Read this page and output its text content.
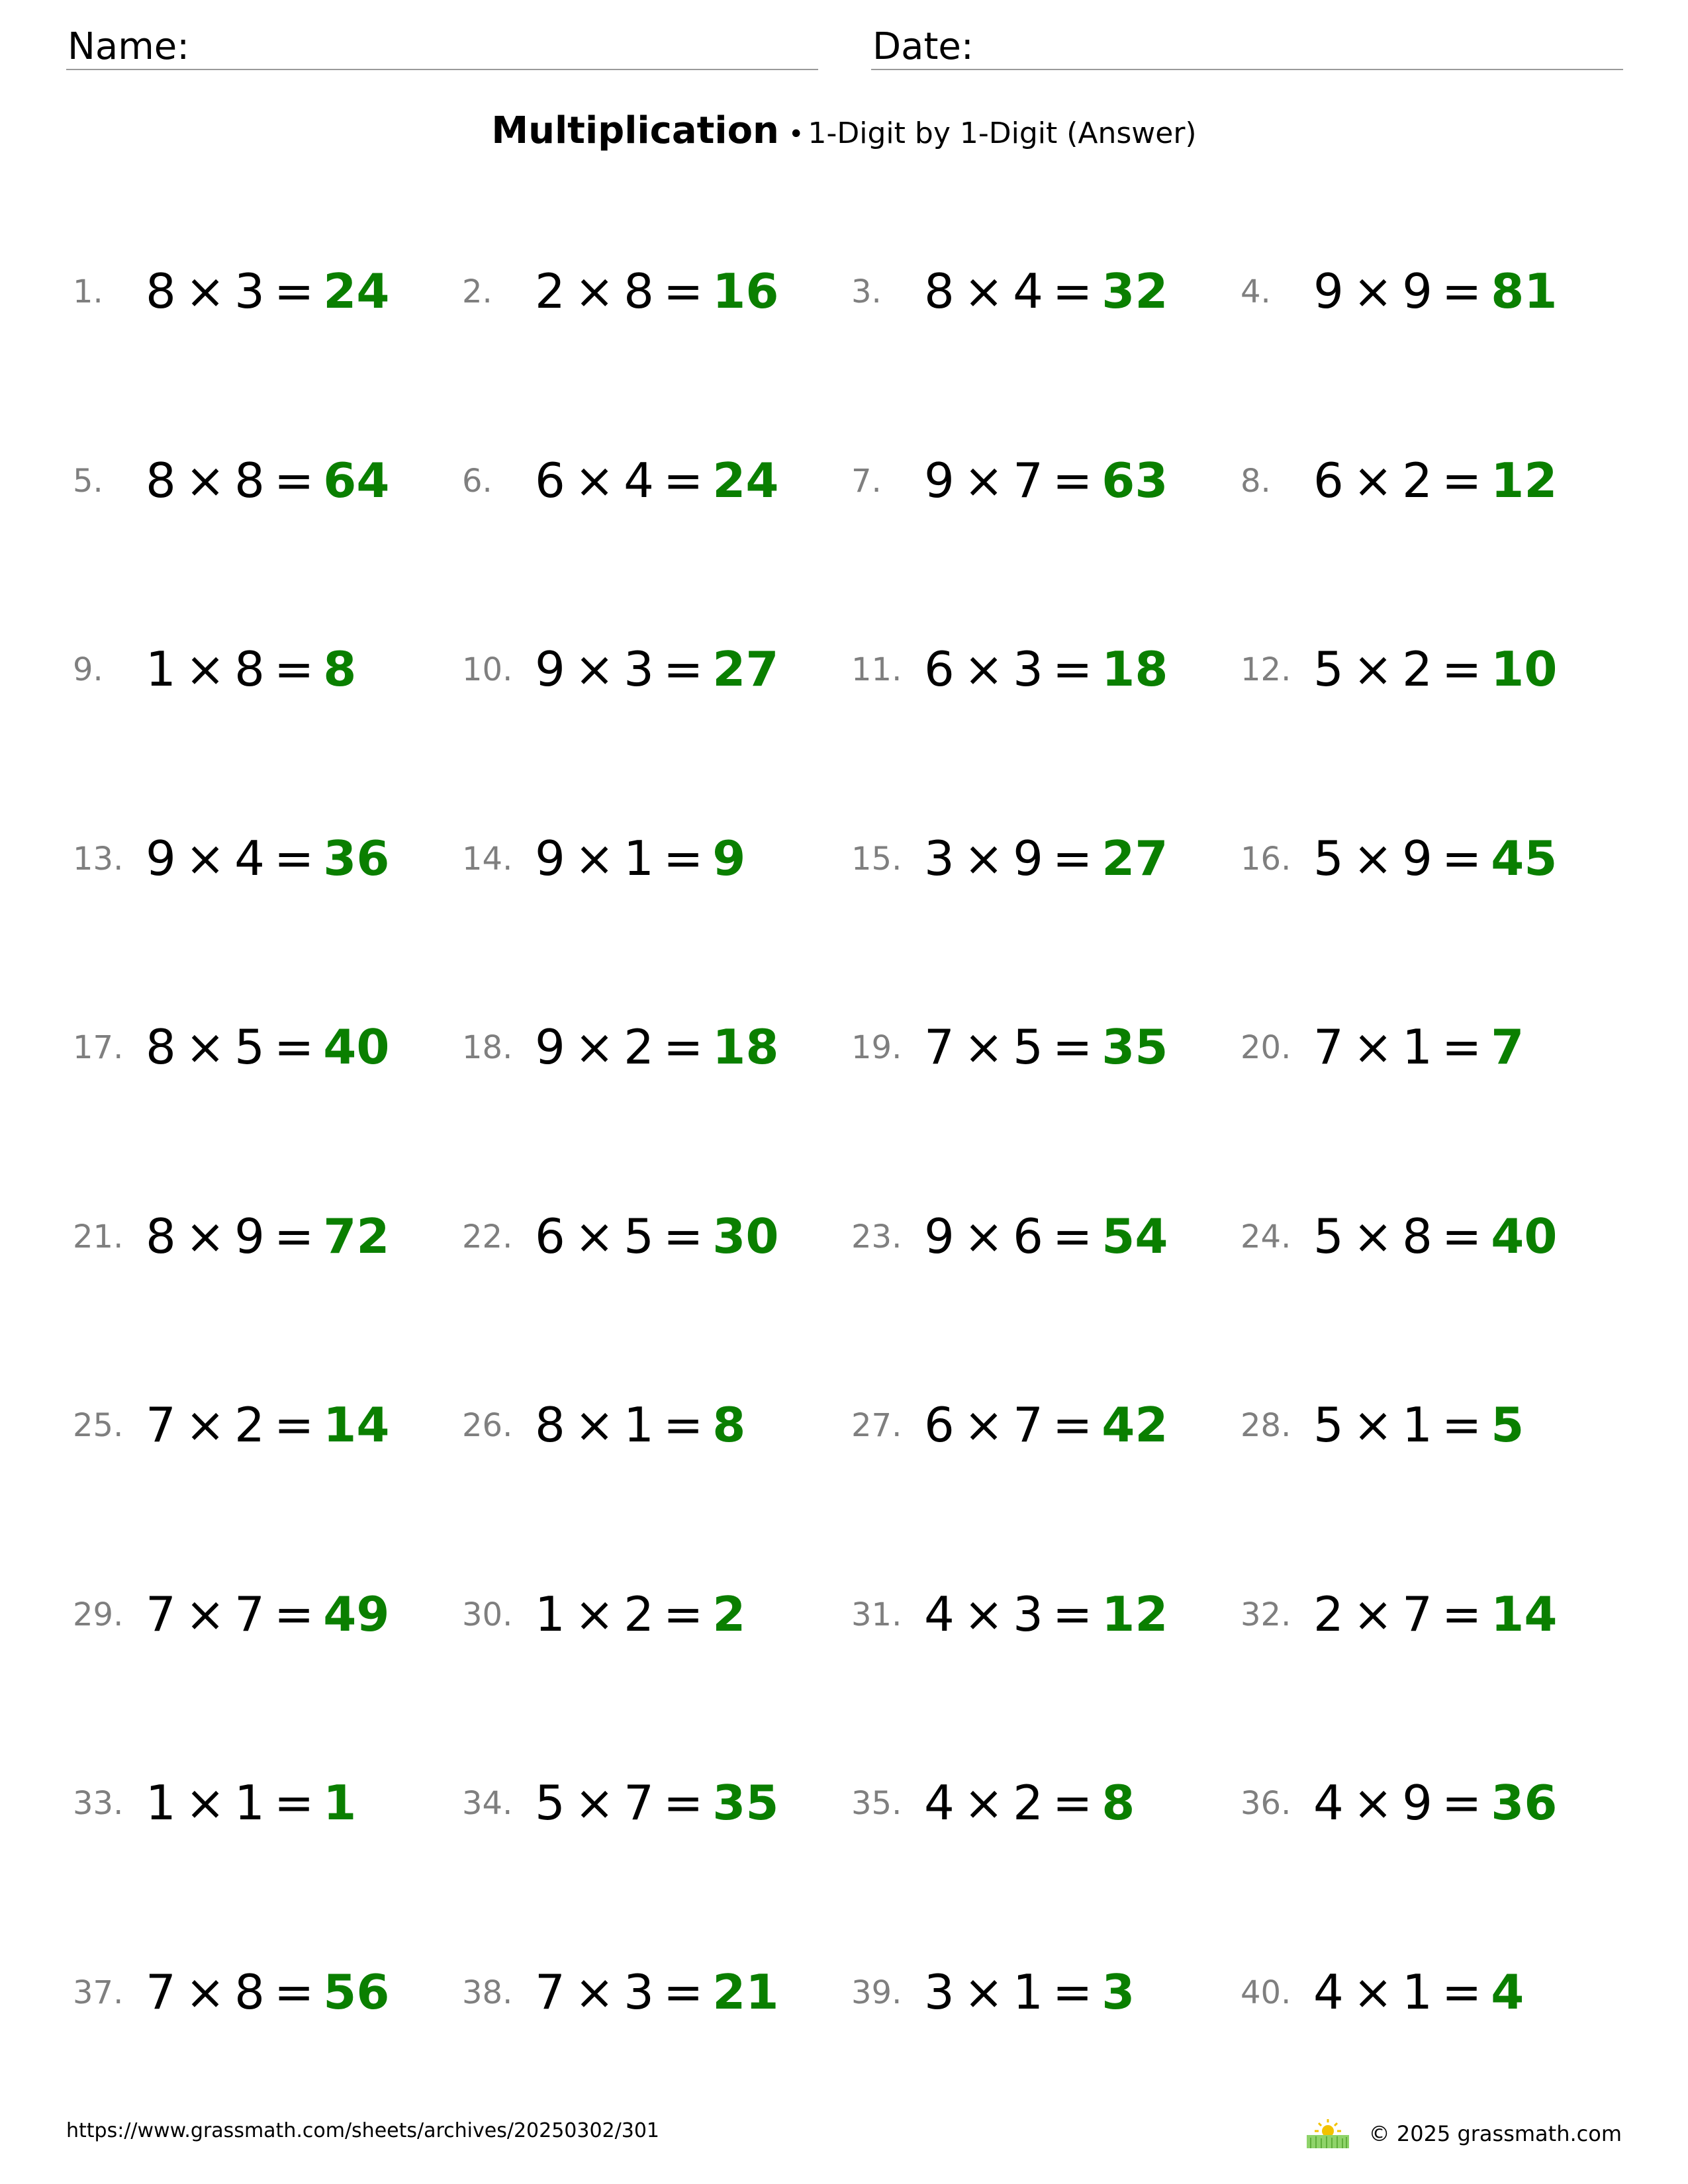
Name:	Date:
Multiplication • 1-Digit by 1-Digit (Answer)
1. 8 × 3 = 24 2. 2 × 8 = 16 3. 8 × 4 = 32 4. 9 × 9 = 81
5. 8 × 8 = 64 6. 6 × 4 = 24 7. 9 × 7 = 63 8. 6 × 2 = 12
9. 1 × 8 = 8	10. 9 × 3 = 27 11. 6 × 3 = 18 12. 5 × 2 = 10
13. 9 × 4 = 36 14. 9 × 1 = 9	15. 3 × 9 = 27 16. 5 × 9 = 45
17. 8 × 5 = 40 18. 9 × 2 = 18 19. 7 × 5 = 35 20. 7 × 1 = 7
21. 8 × 9 = 72 22. 6 × 5 = 30 23. 9 × 6 = 54 24. 5 × 8 = 40
25. 7 × 2 = 14 26. 8 × 1 = 8	27. 6 × 7 = 42 28. 5 × 1 = 5
29. 7 × 7 = 49 30. 1 × 2 = 2	31. 4 × 3 = 12 32. 2 × 7 = 14
33. 1 × 1 = 1	34. 5 × 7 = 35 35. 4 × 2 = 8	36. 4 × 9 = 36
37. 7 × 8 = 56 38. 7 × 3 = 21 39. 3 × 1 = 3	40. 4 × 1 = 4
https://www.grassmath.com/sheets/archives/20250302/301	© 2025 grassmath.com
